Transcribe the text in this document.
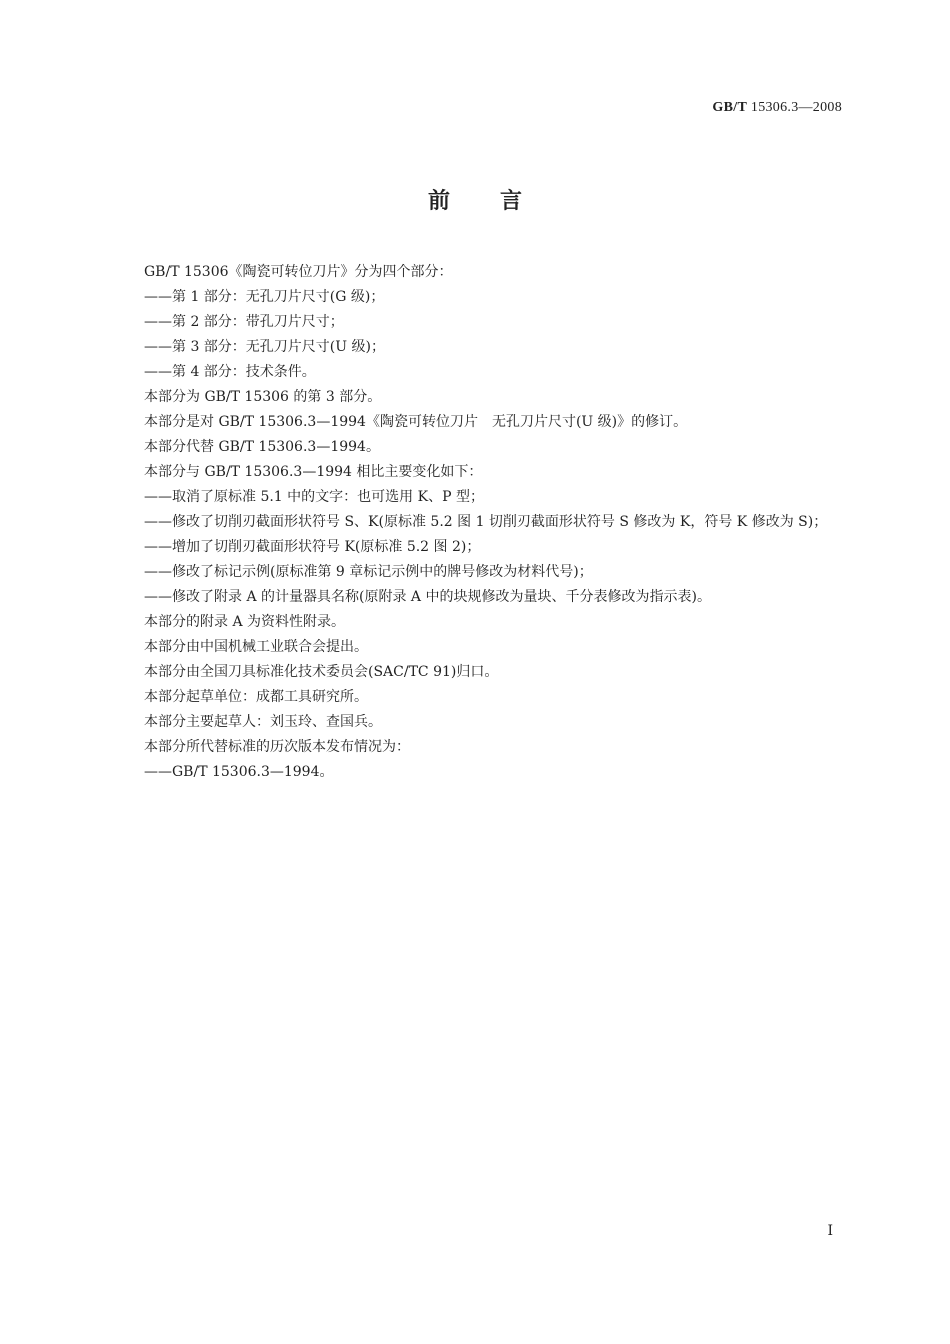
GB/T 15306.3—2008
前 言
GB/T 15306《陶瓷可转位刀片》分为四个部分：
——第 1 部分：无孔刀片尺寸(G 级)；
——第 2 部分：带孔刀片尺寸；
——第 3 部分：无孔刀片尺寸(U 级)；
——第 4 部分：技术条件。
本部分为 GB/T 15306 的第 3 部分。
本部分是对 GB/T 15306.3—1994《陶瓷可转位刀片　无孔刀片尺寸(U 级)》的修订。
本部分代替 GB/T 15306.3—1994。
本部分与 GB/T 15306.3—1994 相比主要变化如下：
——取消了原标准 5.1 中的文字：也可选用 K、P 型；
——修改了切削刃截面形状符号 S、K(原标准 5.2 图 1 切削刃截面形状符号 S 修改为 K，符号 K 修改为 S)；
——增加了切削刃截面形状符号 K(原标准 5.2 图 2)；
——修改了标记示例(原标准第 9 章标记示例中的牌号修改为材料代号)；
——修改了附录 A 的计量器具名称(原附录 A 中的块规修改为量块、千分表修改为指示表)。
本部分的附录 A 为资料性附录。
本部分由中国机械工业联合会提出。
本部分由全国刀具标准化技术委员会(SAC/TC 91)归口。
本部分起草单位：成都工具研究所。
本部分主要起草人：刘玉玲、查国兵。
本部分所代替标准的历次版本发布情况为：
——GB/T 15306.3—1994。
I
